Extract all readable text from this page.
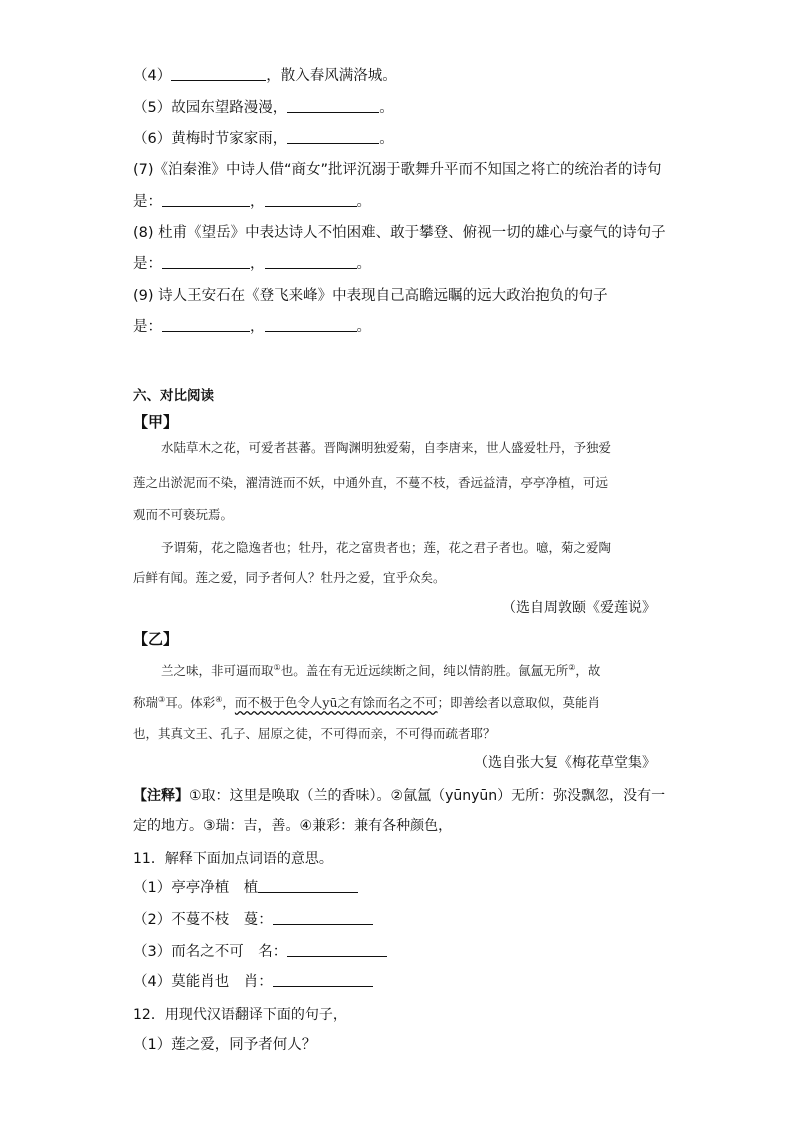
（4）	，散入春风满洛城。
（5）故园东望路漫漫，	。
（6）黄梅时节家家雨，	。
(7)《泊秦淮》中诗人借“商女”批评沉溺于歌舞升平而不知国之将亡的统治者的诗句
是：	，	。
(8) 杜甫《望岳》中表达诗人不怕困难、敢于攀登、俯视一切的雄心与豪气的诗句子
是：	，	。
(9) 诗人王安石在《登飞来峰》中表现自己高瞻远瞩的远大政治抱负的句子
是：	，	。
六、对比阅读
【甲】
水陆草木之花，可爱者甚蕃。晋陶渊明独爱菊，自李唐来，世人盛爱牡丹，予独爱
莲之出淤泥而不染，濯清涟而不妖，中通外直，不蔓不枝，香远益清，亭亭净植，可远
观而不可亵玩焉。
予谓菊，花之隐逸者也；牡丹，花之富贵者也；莲，花之君子者也。噫，菊之爱陶
后鲜有闻。莲之爱，同予者何人？牡丹之爱，宜乎众矣。
（选自周敦颐《爱莲说》
【乙】
兰之味，非可逼而取①也。盖在有无近远续断之间，纯以情韵胜。氤氲无所②，故
称瑞③耳。体彩④，而不极于色令人yū之有馀而名之不可；即善绘者以意取似，莫能肖
也，其真文王、孔子、屈原之徒，不可得而亲，不可得而疏者耶？
（选自张大复《梅花草堂集》
【注释】①取：这里是唤取（兰的香味）。②氤氲（yūnyūn）无所：弥没飘忽，没有一
定的地方。③瑞：吉，善。④兼彩：兼有各种颜色，
11．解释下面加点词语的意思。
（1）亭亭净植　植
（2）不蔓不枝　蔓：
（3）而名之不可　名：
（4）莫能肖也　肖：
12．用现代汉语翻译下面的句子，
（1）莲之爱，同予者何人？
